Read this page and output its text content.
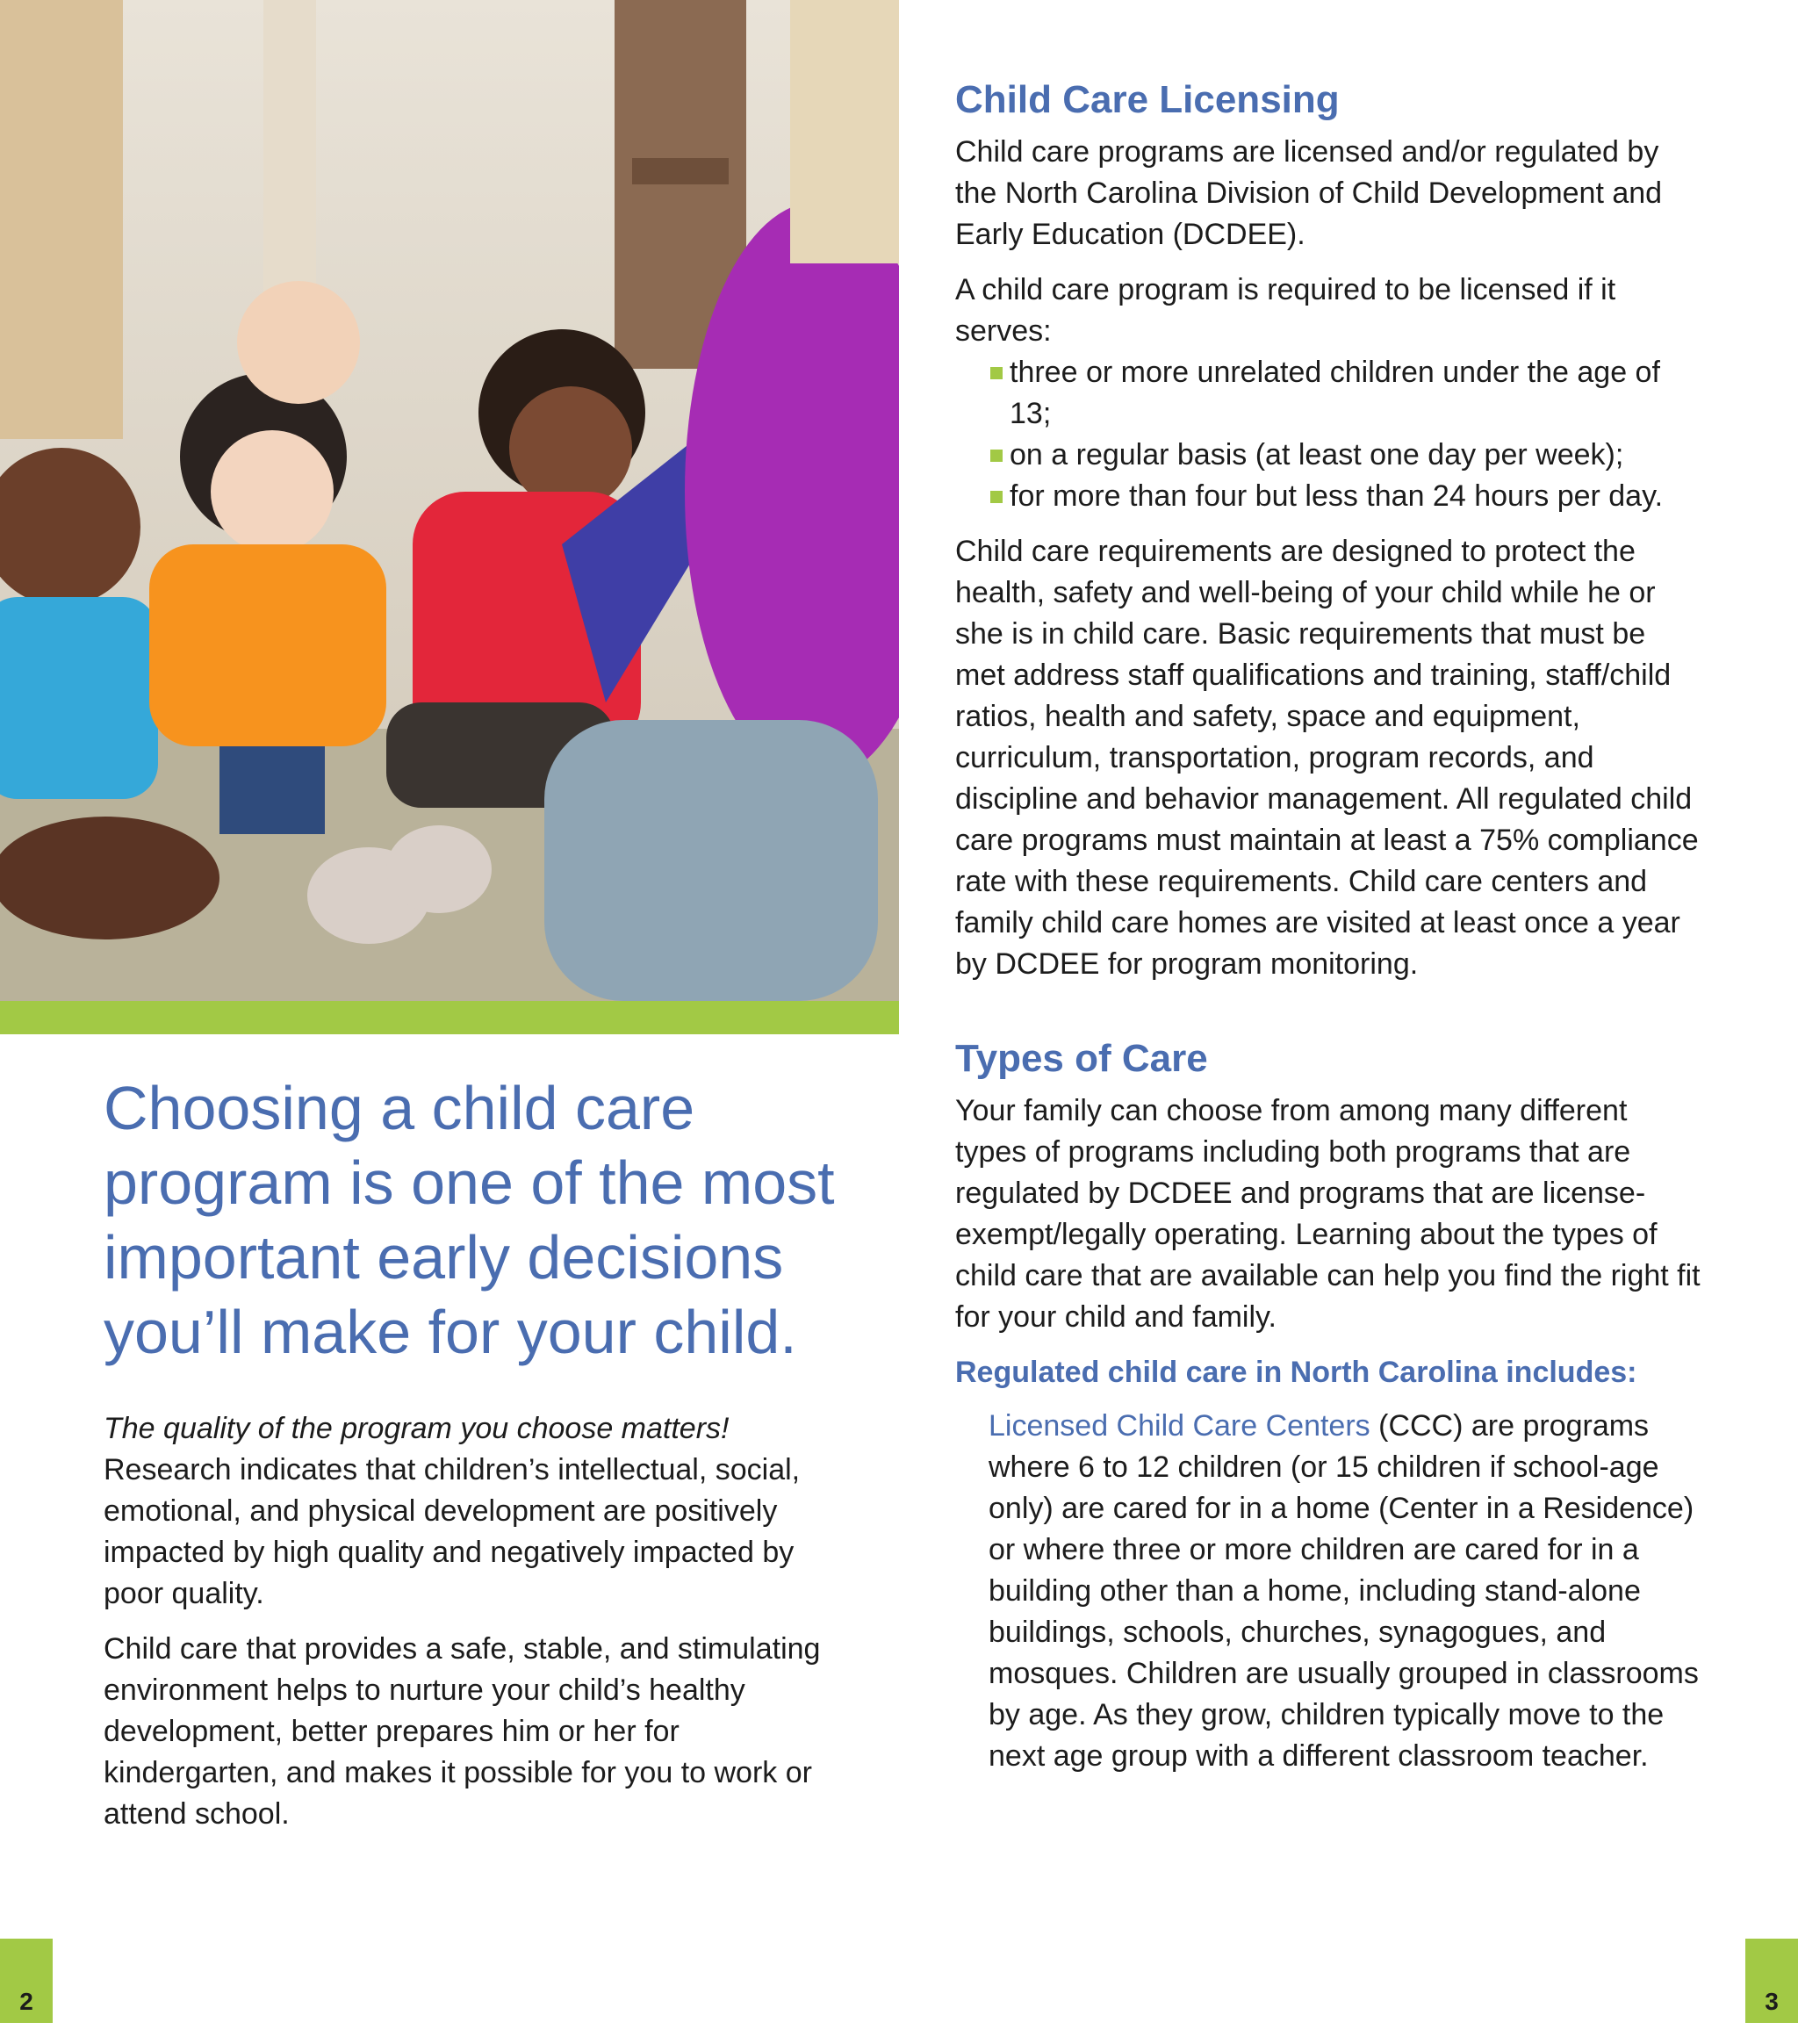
Choosing a child care program is one of the most important early decisions you’ll make for your child.

The quality of the program you choose matters! Research indicates that children’s intellectual, social, emotional, and physical development are positively impacted by high quality and negatively impacted by poor quality.

Child care that provides a safe, stable, and stimulating environment helps to nurture your child’s healthy development, better prepares him or her for kindergarten, and makes it possible for you to work or attend school.

Child Care Licensing

Child care programs are licensed and/or regulated by the North Carolina Division of Child Development and Early Education (DCDEE).

A child care program is required to be licensed if it serves:

three or more unrelated children under the age of 13;
on a regular basis (at least one day per week);
for more than four but less than 24 hours per day.

Child care requirements are designed to protect the health, safety and well-being of your child while he or she is in child care. Basic requirements that must be met address staff qualifications and training, staff/child ratios, health and safety, space and equipment, curriculum, transportation, program records, and discipline and behavior management. All regulated child care programs must maintain at least a 75% compliance rate with these requirements. Child care centers and family child care homes are visited at least once a year by DCDEE for program monitoring.

Types of Care

Your family can choose from among many different types of programs including both programs that are regulated by DCDEE and programs that are license-exempt/legally operating. Learning about the types of child care that are available can help you find the right fit for your child and family.

Regulated child care in North Carolina includes:

Licensed Child Care Centers (CCC) are programs where 6 to 12 children (or 15 children if school-age only) are cared for in a home (Center in a Residence) or where three or more children are cared for in a building other than a home, including stand-alone buildings, schools, churches, synagogues, and mosques. Children are usually grouped in classrooms by age. As they grow, children typically move to the next age group with a different classroom teacher.

2	3
